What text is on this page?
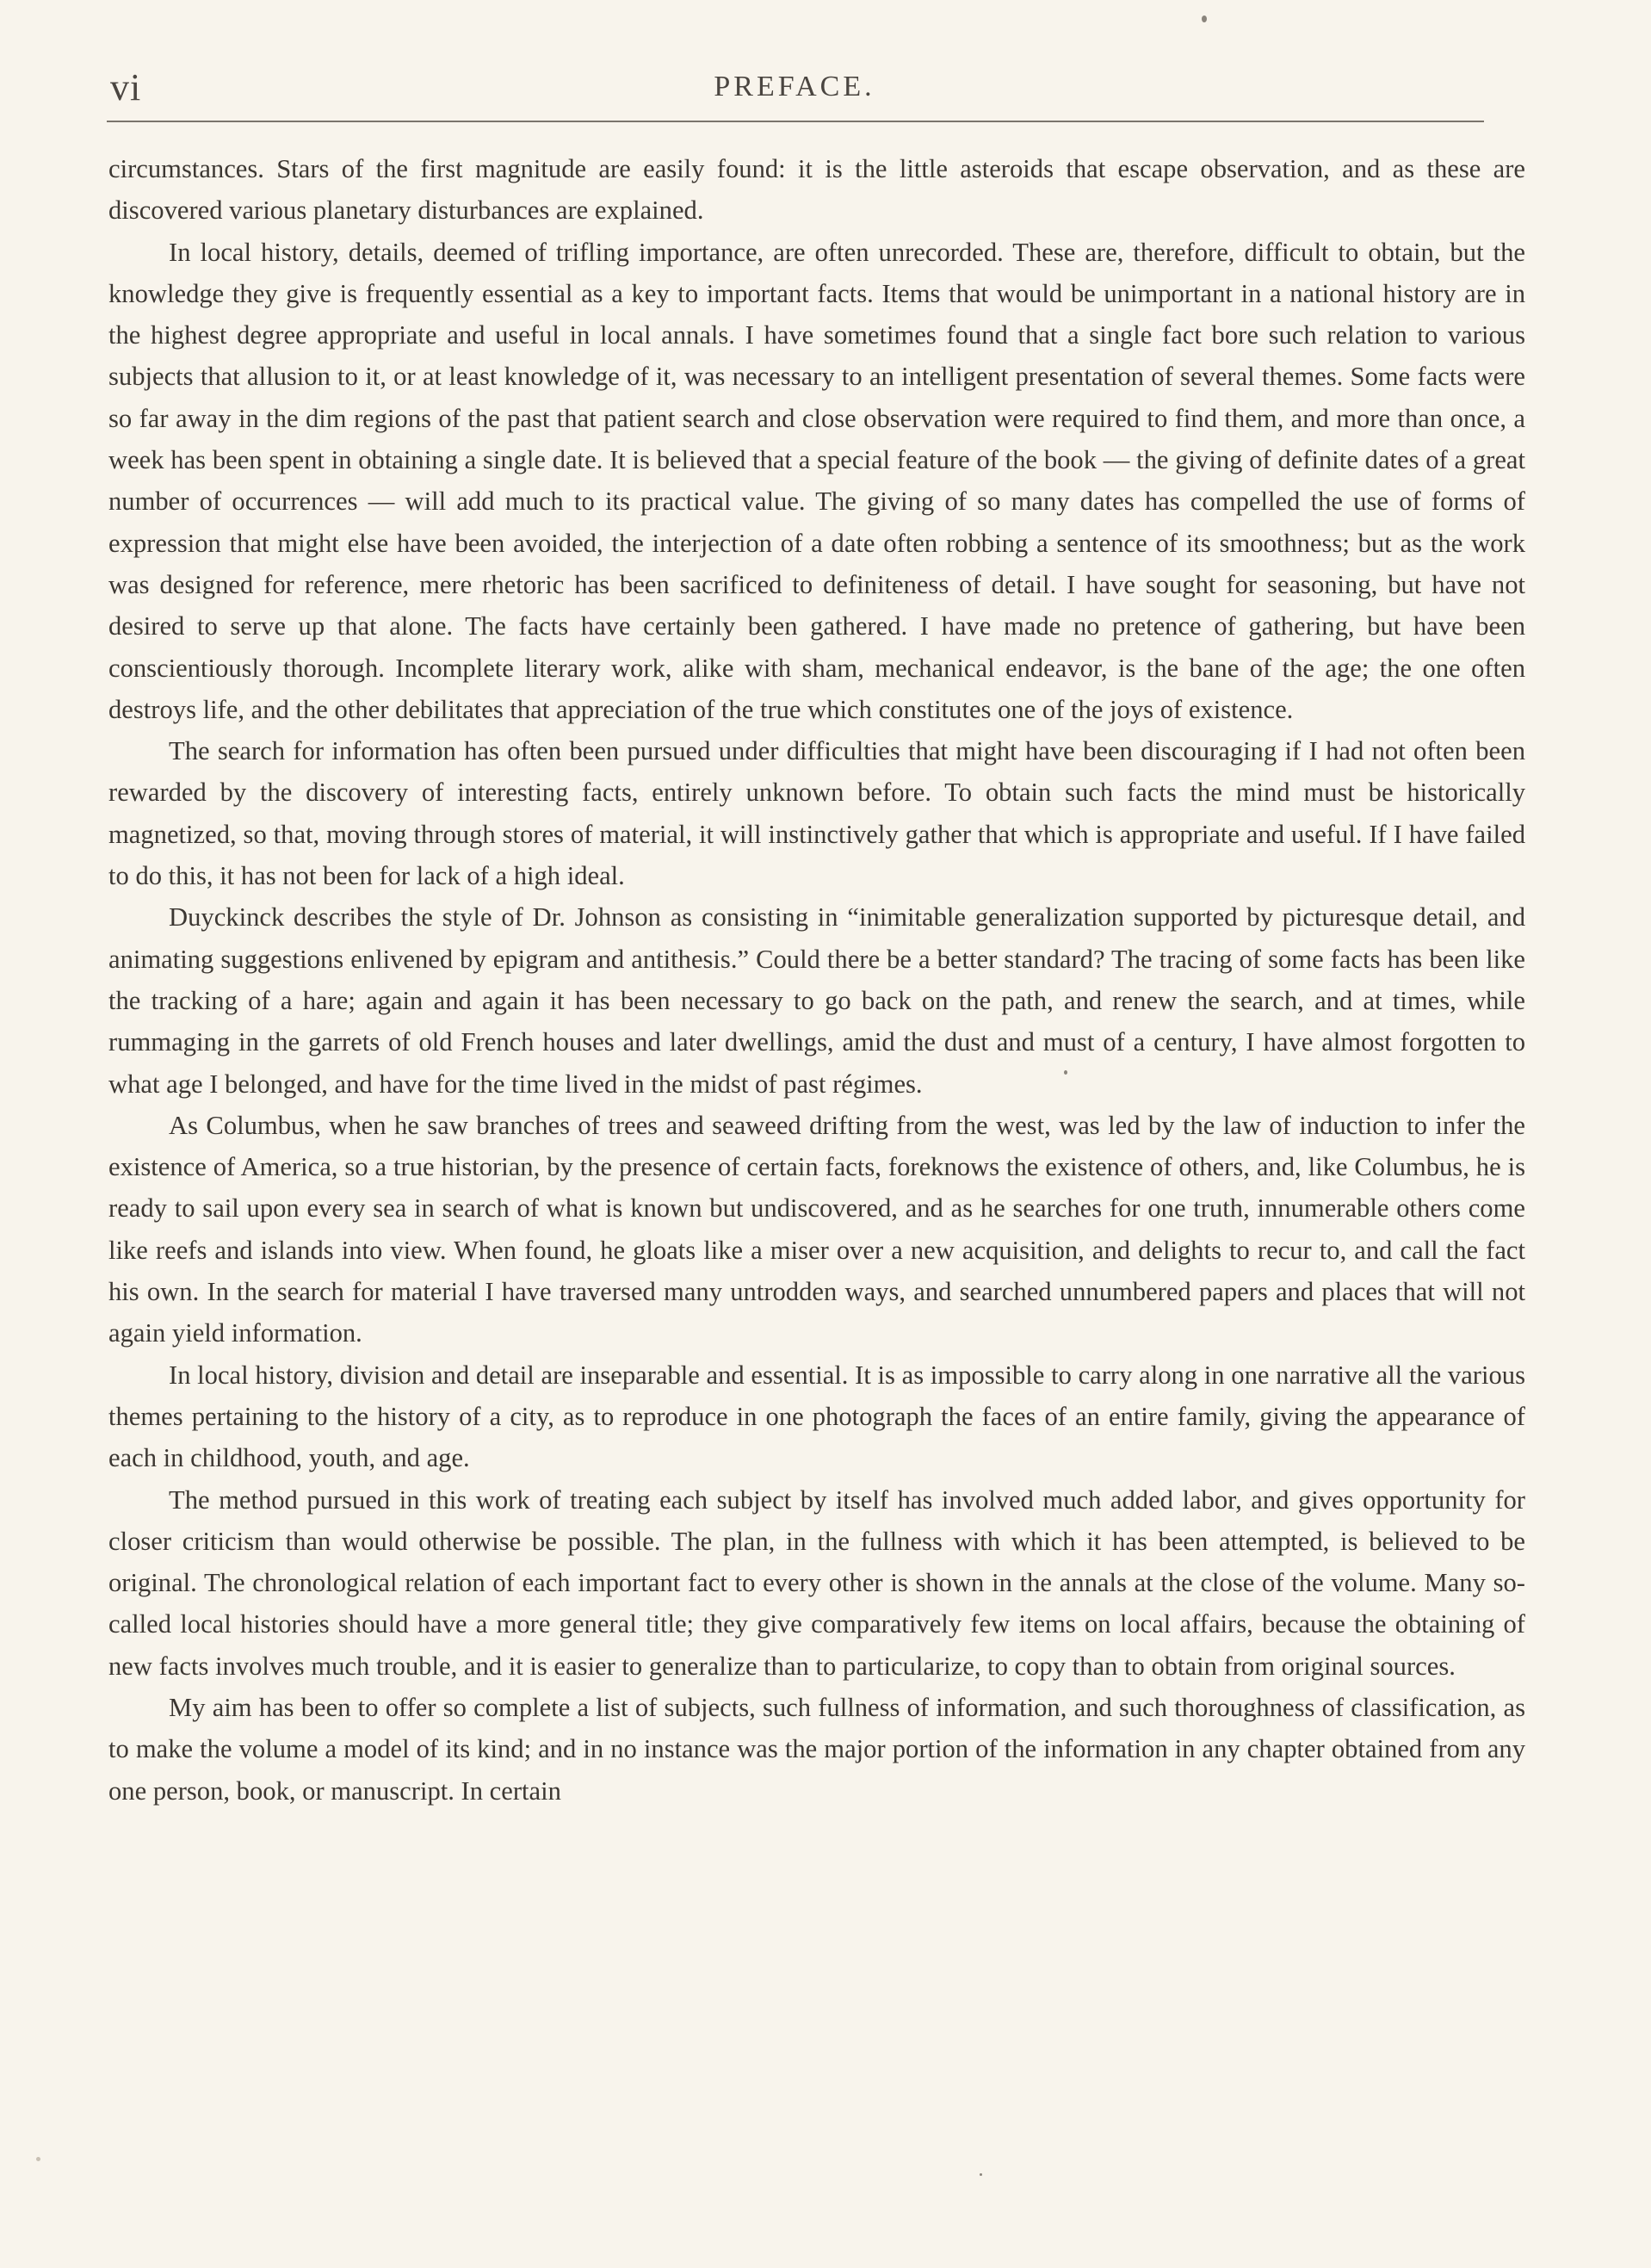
vi	PREFACE.

circumstances. Stars of the first magnitude are easily found: it is the little asteroids that escape observation, and as these are discovered various planetary disturbances are explained.

In local history, details, deemed of trifling importance, are often unrecorded. These are, therefore, difficult to obtain, but the knowledge they give is frequently essential as a key to important facts. Items that would be unimportant in a national history are in the highest degree appropriate and useful in local annals. I have sometimes found that a single fact bore such relation to various subjects that allusion to it, or at least knowledge of it, was necessary to an intelligent presentation of several themes. Some facts were so far away in the dim regions of the past that patient search and close observation were required to find them, and more than once, a week has been spent in obtaining a single date. It is believed that a special feature of the book — the giving of definite dates of a great number of occurrences — will add much to its practical value. The giving of so many dates has compelled the use of forms of expression that might else have been avoided, the interjection of a date often robbing a sentence of its smoothness; but as the work was designed for reference, mere rhetoric has been sacrificed to definiteness of detail. I have sought for seasoning, but have not desired to serve up that alone. The facts have certainly been gathered. I have made no pretence of gathering, but have been conscientiously thorough. Incomplete literary work, alike with sham, mechanical endeavor, is the bane of the age; the one often destroys life, and the other debilitates that appreciation of the true which constitutes one of the joys of existence.

The search for information has often been pursued under difficulties that might have been discouraging if I had not often been rewarded by the discovery of interesting facts, entirely unknown before. To obtain such facts the mind must be historically magnetized, so that, moving through stores of material, it will instinctively gather that which is appropriate and useful. If I have failed to do this, it has not been for lack of a high ideal.

Duyckinck describes the style of Dr. Johnson as consisting in “inimitable generalization supported by picturesque detail, and animating suggestions enlivened by epigram and antithesis.” Could there be a better standard? The tracing of some facts has been like the tracking of a hare; again and again it has been necessary to go back on the path, and renew the search, and at times, while rummaging in the garrets of old French houses and later dwellings, amid the dust and must of a century, I have almost forgotten to what age I belonged, and have for the time lived in the midst of past régimes.

As Columbus, when he saw branches of trees and seaweed drifting from the west, was led by the law of induction to infer the existence of America, so a true historian, by the presence of certain facts, foreknows the existence of others, and, like Columbus, he is ready to sail upon every sea in search of what is known but undiscovered, and as he searches for one truth, innumerable others come like reefs and islands into view. When found, he gloats like a miser over a new acquisition, and delights to recur to, and call the fact his own. In the search for material I have traversed many untrodden ways, and searched unnumbered papers and places that will not again yield information.

In local history, division and detail are inseparable and essential. It is as impossible to carry along in one narrative all the various themes pertaining to the history of a city, as to reproduce in one photograph the faces of an entire family, giving the appearance of each in childhood, youth, and age.

The method pursued in this work of treating each subject by itself has involved much added labor, and gives opportunity for closer criticism than would otherwise be possible. The plan, in the fullness with which it has been attempted, is believed to be original. The chronological relation of each important fact to every other is shown in the annals at the close of the volume. Many so-called local histories should have a more general title; they give comparatively few items on local affairs, because the obtaining of new facts involves much trouble, and it is easier to generalize than to particularize, to copy than to obtain from original sources.

My aim has been to offer so complete a list of subjects, such fullness of information, and such thoroughness of classification, as to make the volume a model of its kind; and in no instance was the major portion of the information in any chapter obtained from any one person, book, or manuscript. In certain
